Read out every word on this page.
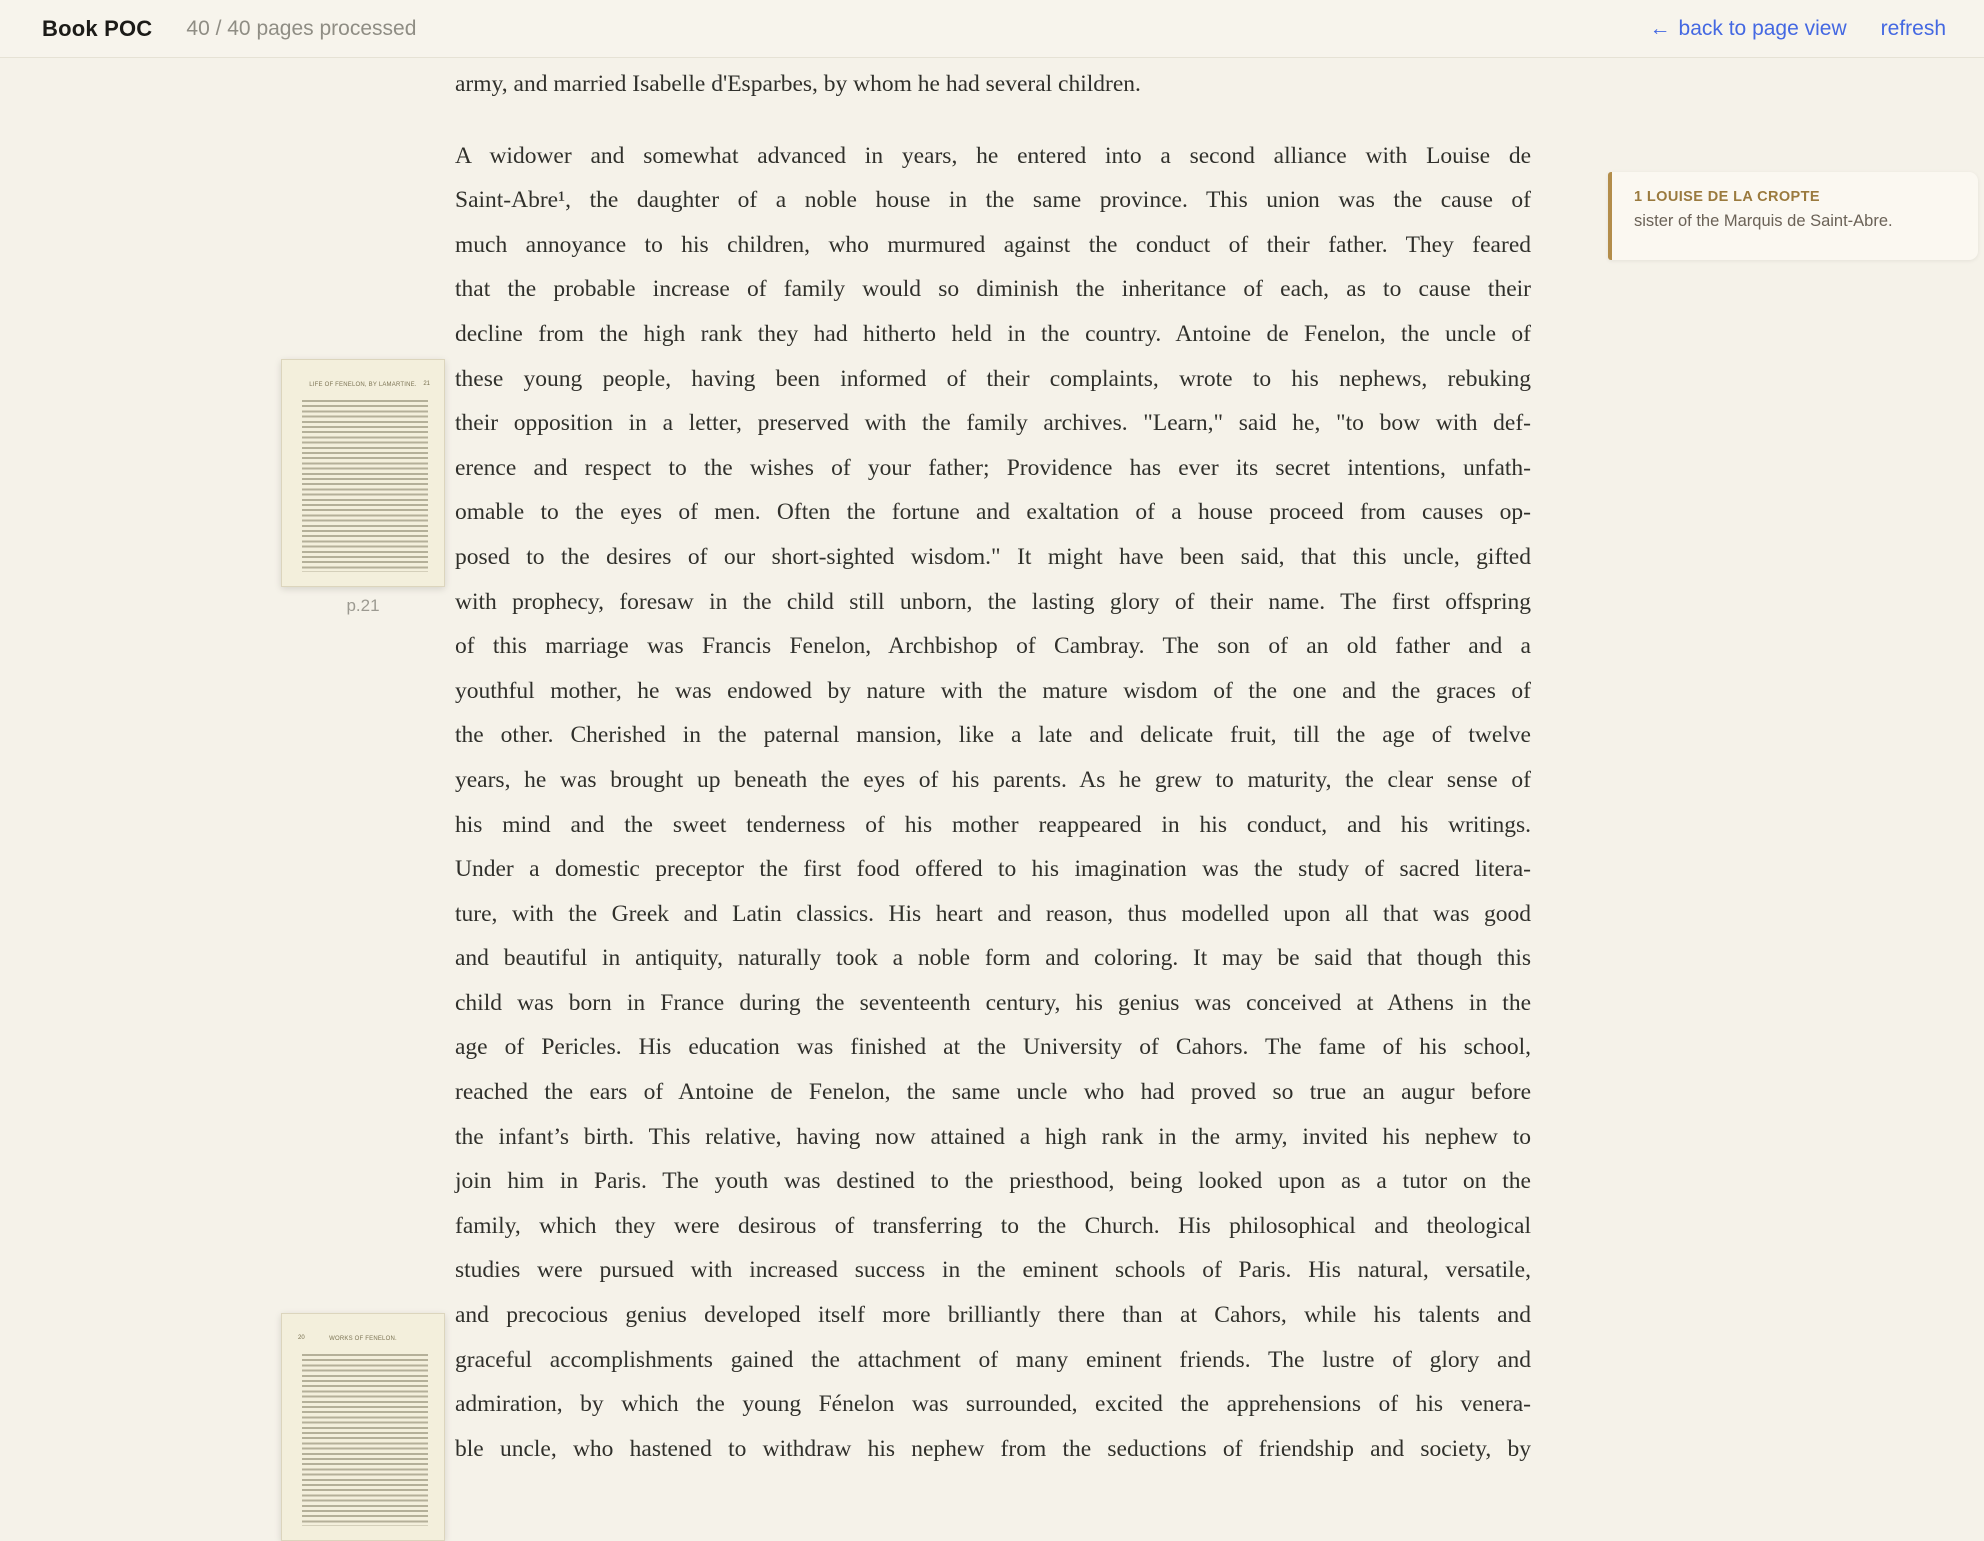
Book POC 40 / 40 pages processed	← back to page view refresh
LIFE OF FENELON, BY LAMARTINE.	21
p.21
WORKS OF FENELON.
20
army, and married Isabelle d'Esparbes, by whom he had several children.
A widower and somewhat advanced in years, he entered into a second alliance with Louise de
Saint-Abre¹, the daughter of a noble house in the same province. This union was the cause of
much annoyance to his children, who murmured against the conduct of their father. They feared
that the probable increase of family would so diminish the inheritance of each, as to cause their
decline from the high rank they had hitherto held in the country. Antoine de Fenelon, the uncle of
these young people, having been informed of their complaints, wrote to his nephews, rebuking
their opposition in a letter, preserved with the family archives. "Learn," said he, "to bow with def-
erence and respect to the wishes of your father; Providence has ever its secret intentions, unfath-
omable to the eyes of men. Often the fortune and exaltation of a house proceed from causes op-
posed to the desires of our short-sighted wisdom." It might have been said, that this uncle, gifted
with prophecy, foresaw in the child still unborn, the lasting glory of their name. The first offspring
of this marriage was Francis Fenelon, Archbishop of Cambray. The son of an old father and a
youthful mother, he was endowed by nature with the mature wisdom of the one and the graces of
the other. Cherished in the paternal mansion, like a late and delicate fruit, till the age of twelve
years, he was brought up beneath the eyes of his parents. As he grew to maturity, the clear sense of
his mind and the sweet tenderness of his mother reappeared in his conduct, and his writings.
Under a domestic preceptor the first food offered to his imagination was the study of sacred litera-
ture, with the Greek and Latin classics. His heart and reason, thus modelled upon all that was good
and beautiful in antiquity, naturally took a noble form and coloring. It may be said that though this
child was born in France during the seventeenth century, his genius was conceived at Athens in the
age of Pericles. His education was finished at the University of Cahors. The fame of his school,
reached the ears of Antoine de Fenelon, the same uncle who had proved so true an augur before
the infant’s birth. This relative, having now attained a high rank in the army, invited his nephew to
join him in Paris. The youth was destined to the priesthood, being looked upon as a tutor on the
family, which they were desirous of transferring to the Church. His philosophical and theological
studies were pursued with increased success in the eminent schools of Paris. His natural, versatile,
and precocious genius developed itself more brilliantly there than at Cahors, while his talents and
graceful accomplishments gained the attachment of many eminent friends. The lustre of glory and
admiration, by which the young Fénelon was surrounded, excited the apprehensions of his venera-
ble uncle, who hastened to withdraw his nephew from the seductions of friendship and society, by
1 LOUISE DE LA CROPTE
sister of the Marquis de Saint-Abre.
